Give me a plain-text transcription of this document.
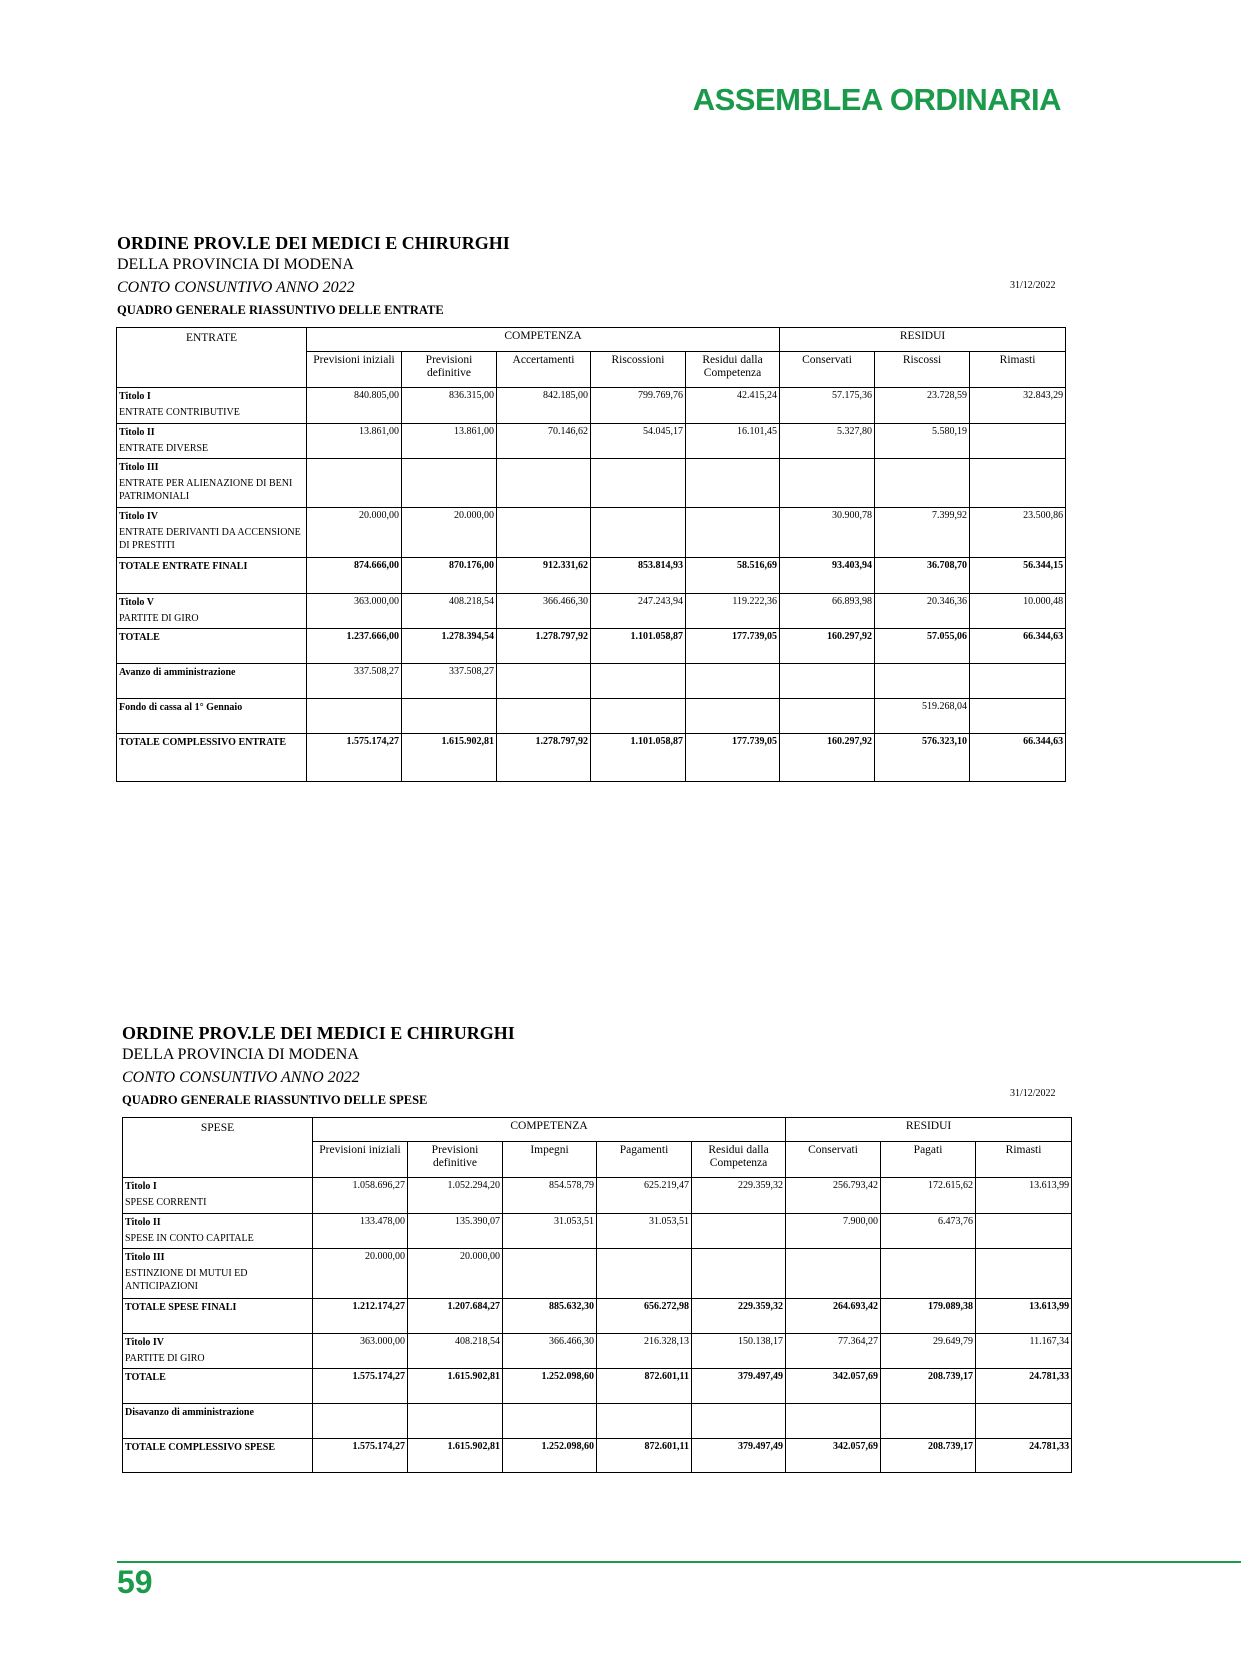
ASSEMBLEA ORDINARIA
ORDINE PROV.LE DEI MEDICI E CHIRURGHI
DELLA PROVINCIA DI MODENA
CONTO CONSUNTIVO ANNO 2022
QUADRO GENERALE RIASSUNTIVO DELLE ENTRATE
31/12/2022
ENTRATE	COMPETENZA					RESIDUI		
	Previsioni iniziali	Previsioni definitive	Accertamenti	Riscossioni	Residui dalla Competenza	Conservati	Riscossi	Rimasti

Titolo I
ENTRATE CONTRIBUTIVE	840.805,00	836.315,00	842.185,00	799.769,76	42.415,24	57.175,36	23.728,59	32.843,29

Titolo II
ENTRATE DIVERSE	13.861,00	13.861,00	70.146,62	54.045,17	16.101,45	5.327,80	5.580,19	

Titolo III
ENTRATE PER ALIENAZIONE DI BENI PATRIMONIALI								

Titolo IV
ENTRATE DERIVANTI DA ACCENSIONE DI PRESTITI	20.000,00	20.000,00				30.900,78	7.399,92	23.500,86

TOTALE ENTRATE FINALI	874.666,00	870.176,00	912.331,62	853.814,93	58.516,69	93.403,94	36.708,70	56.344,15

Titolo V
PARTITE DI GIRO	363.000,00	408.218,54	366.466,30	247.243,94	119.222,36	66.893,98	20.346,36	10.000,48

TOTALE	1.237.666,00	1.278.394,54	1.278.797,92	1.101.058,87	177.739,05	160.297,92	57.055,06	66.344,63

Avanzo di amministrazione	337.508,27	337.508,27						

Fondo di cassa al 1° Gennaio							519.268,04	

TOTALE COMPLESSIVO ENTRATE	1.575.174,27	1.615.902,81	1.278.797,92	1.101.058,87	177.739,05	160.297,92	576.323,10	66.344,63
ORDINE PROV.LE DEI MEDICI E CHIRURGHI
DELLA PROVINCIA DI MODENA
CONTO CONSUNTIVO ANNO 2022
QUADRO GENERALE RIASSUNTIVO DELLE SPESE	31/12/2022
SPESE	COMPETENZA					RESIDUI		
	Previsioni iniziali	Previsioni definitive	Impegni	Pagamenti	Residui dalla Competenza	Conservati	Pagati	Rimasti

Titolo I
SPESE CORRENTI	1.058.696,27	1.052.294,20	854.578,79	625.219,47	229.359,32	256.793,42	172.615,62	13.613,99

Titolo II
SPESE IN CONTO CAPITALE	133.478,00	135.390,07	31.053,51	31.053,51		7.900,00	6.473,76	

Titolo III
ESTINZIONE DI MUTUI ED ANTICIPAZIONI	20.000,00	20.000,00						

TOTALE SPESE FINALI	1.212.174,27	1.207.684,27	885.632,30	656.272,98	229.359,32	264.693,42	179.089,38	13.613,99

Titolo IV
PARTITE DI GIRO	363.000,00	408.218,54	366.466,30	216.328,13	150.138,17	77.364,27	29.649,79	11.167,34

TOTALE	1.575.174,27	1.615.902,81	1.252.098,60	872.601,11	379.497,49	342.057,69	208.739,17	24.781,33

Disavanzo di amministrazione								

TOTALE COMPLESSIVO SPESE	1.575.174,27	1.615.902,81	1.252.098,60	872.601,11	379.497,49	342.057,69	208.739,17	24.781,33
59
